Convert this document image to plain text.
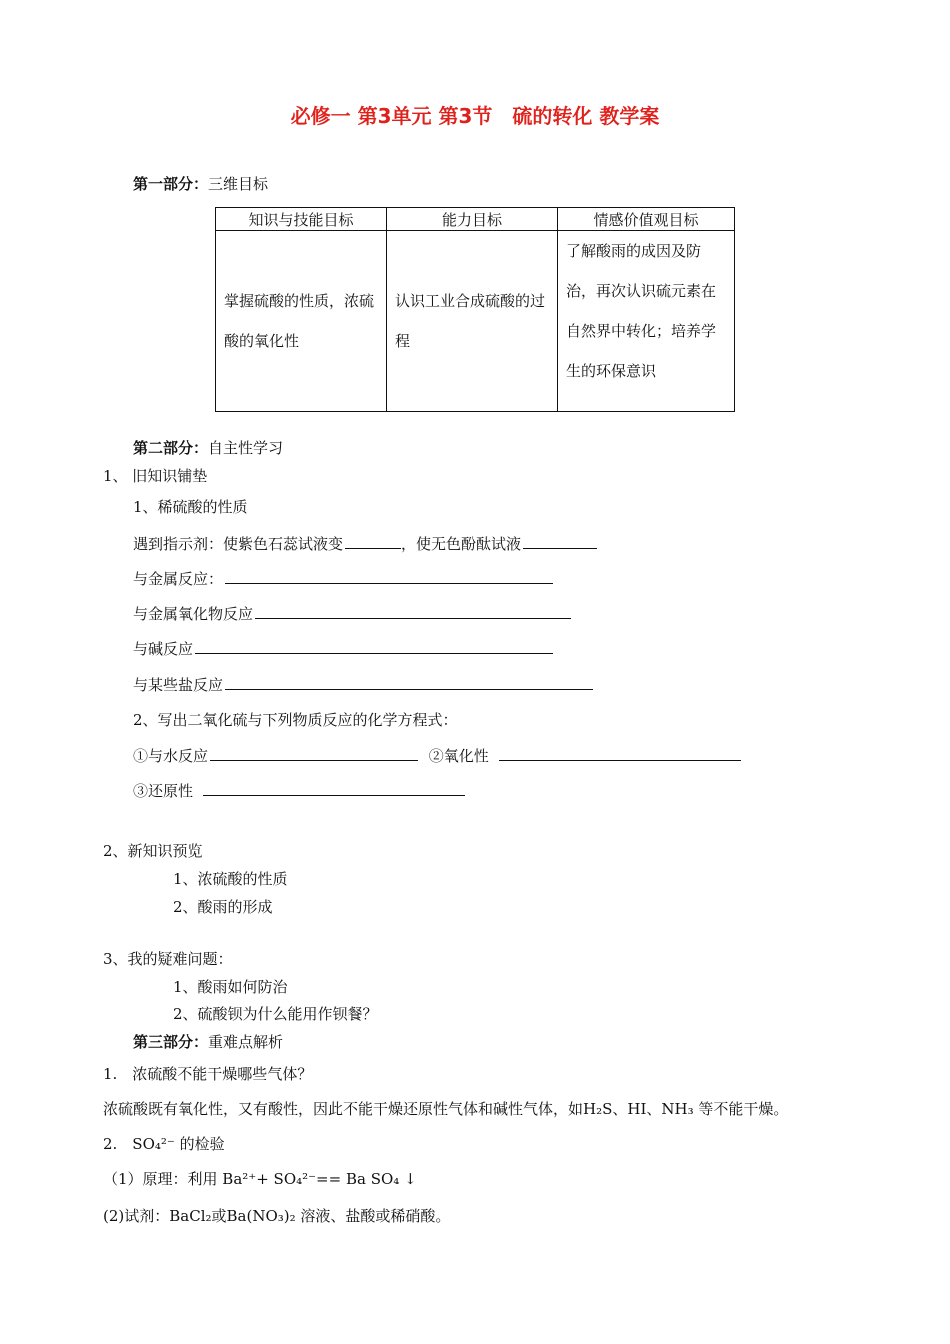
必修一 第3单元 第3节　硫的转化 教学案
第一部分：三维目标
知识与技能目标	能力目标	情感价值观目标
掌握硫酸的性质，浓硫酸的氧化性	认识工业合成硫酸的过程	了解酸雨的成因及防治，再次认识硫元素在自然界中转化；培养学生的环保意识
第二部分：自主性学习
1、 旧知识铺垫
1、稀硫酸的性质
遇到指示剂：使紫色石蕊试液变	，使无色酚酞试液
与金属反应：
与金属氧化物反应
与碱反应
与某些盐反应
2、写出二氧化硫与下列物质反应的化学方程式：
①与水反应	②氧化性
③还原性
2、新知识预览
1、浓硫酸的性质
2、酸雨的形成
3、我的疑难问题：
1、酸雨如何防治
2、硫酸钡为什么能用作钡餐？
第三部分：重难点解析
1.　浓硫酸不能干燥哪些气体？
浓硫酸既有氧化性，又有酸性，因此不能干燥还原性气体和碱性气体，如H₂S、HI、NH₃ 等不能干燥。
2.　SO₄²⁻ 的检验
（1）原理：利用 Ba²⁺+ SO₄²⁻== Ba SO₄ ↓
(2)试剂：BaCl₂或Ba(NO₃)₂ 溶液、盐酸或稀硝酸。
